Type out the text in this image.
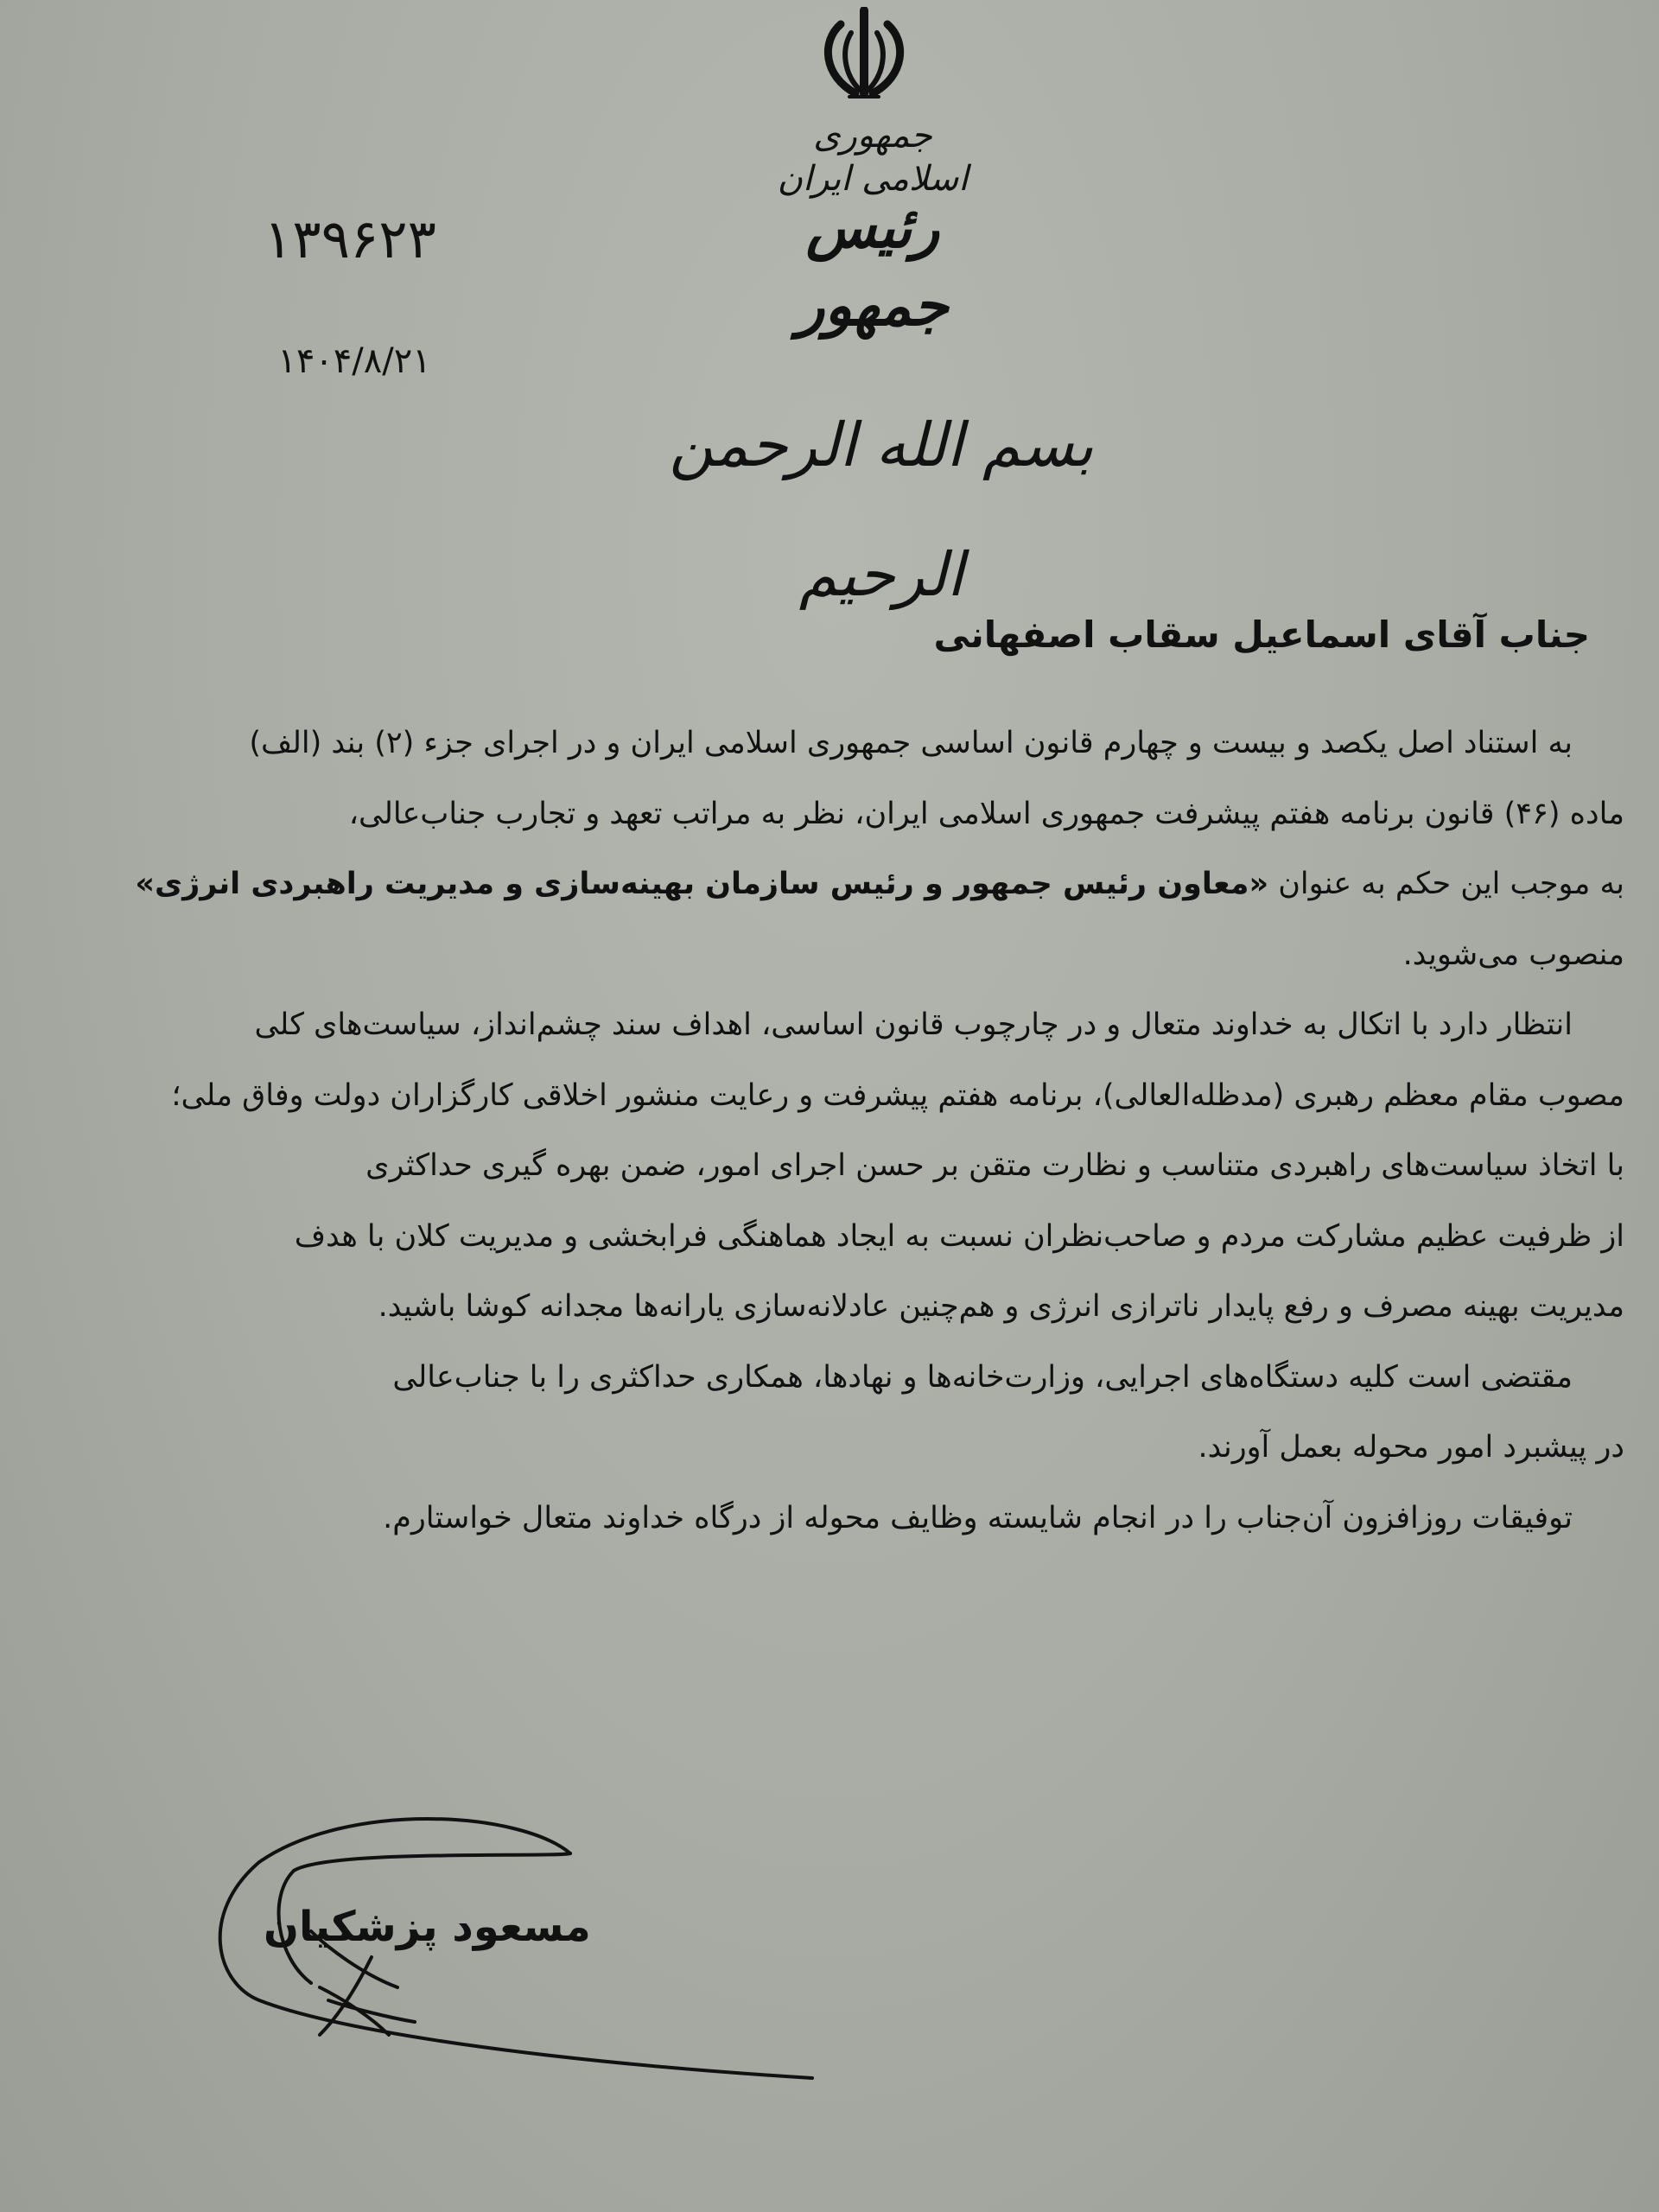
جمهوری اسلامی ایران
رئیس جمهور
۱۳۹۶۲۳
۱۴۰۴/۸/۲۱
بسم الله الرحمن الرحیم
جناب آقای اسماعیل سقاب اصفهانی
به استناد اصل یکصد و بیست و چهارم قانون اساسی جمهوری اسلامی ایران و در اجرای جزء (۲) بند (الف)
ماده (۴۶) قانون برنامه هفتم پیشرفت جمهوری اسلامی ایران، نظر به مراتب تعهد و تجارب جناب‌عالی،
به موجب این حکم به عنوان «معاون رئیس جمهور و رئیس سازمان بهینه‌سازی و مدیریت راهبردی انرژی»
منصوب می‌شوید.
انتظار دارد با اتکال به خداوند متعال و در چارچوب قانون اساسی، اهداف سند چشم‌انداز، سیاست‌های کلی
مصوب مقام معظم رهبری (مدظله‌العالی)، برنامه هفتم پیشرفت و رعایت منشور اخلاقی کارگزاران دولت وفاق ملی؛
با اتخاذ سیاست‌های راهبردی متناسب و نظارت متقن بر حسن اجرای امور، ضمن بهره گیری حداکثری
از ظرفیت عظیم مشارکت مردم و صاحب‌نظران نسبت به ایجاد هماهنگی فرابخشی و مدیریت کلان با هدف
مدیریت بهینه مصرف و رفع پایدار ناترازی انرژی و هم‌چنین عادلانه‌سازی یارانه‌ها مجدانه کوشا باشید.
مقتضی است کلیه دستگاه‌های اجرایی، وزارت‌خانه‌ها و نهادها، همکاری حداکثری را با جناب‌عالی
در پیشبرد امور محوله بعمل آورند.
توفیقات روزافزون آن‌جناب را در انجام شایسته وظایف محوله از درگاه خداوند متعال خواستارم.
مسعود پزشکیان
